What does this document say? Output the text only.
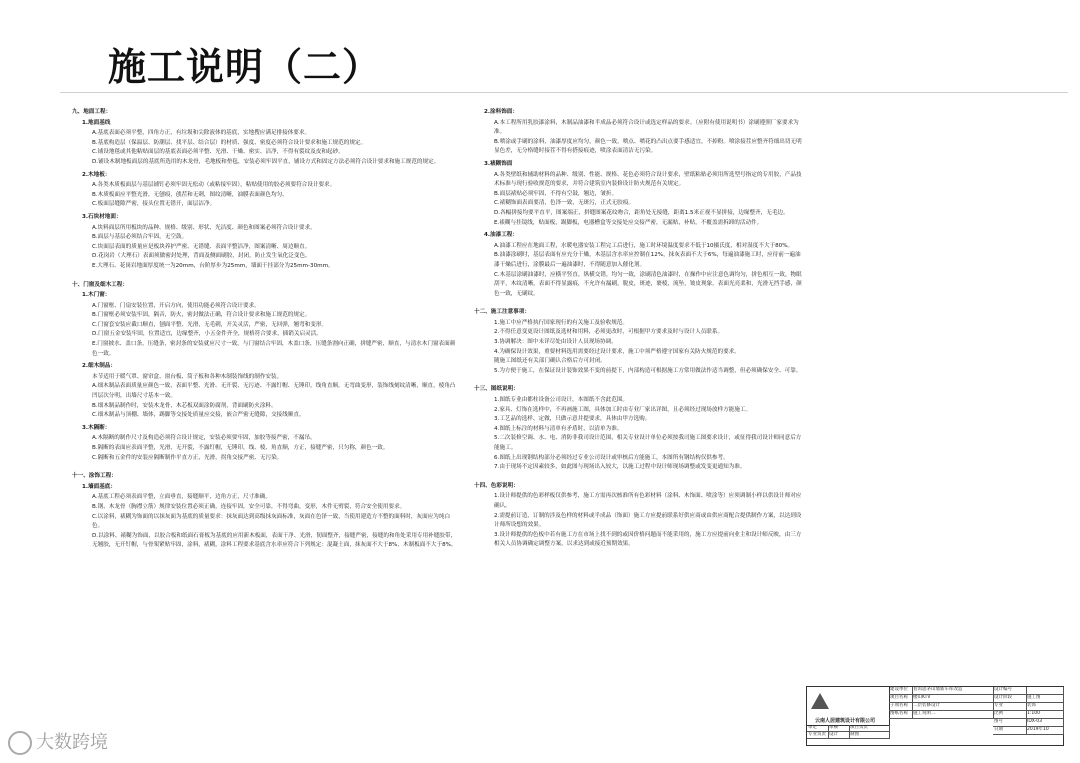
施工说明（二）
九、地面工程：
1.地面基线
A.基底表面必须平整，四角方正，有垃圾和尖除液体的基底，实地搜应满足排接体要求。
B.基底构造层（保温层、防潮层、找平层、结合层）的材质、强度、密度必须符合设计要求和施工规范的规定。
C.铺设地毯或其他粘贴面层的基底表面必须平整、光滑、干燥、密实、洁净，不得有裂纹及皮和起砂。
D.铺设木制地板面层的基底所选用的木龙骨，毛地板和垫毡，安装必须牢固平直，铺设方式和固定方法必须符合设计要求和施工规范的规定。
2.木地板：
A.各类木质板面层与基层铺钉必须牢固无松动（或粘接牢固），粘贴使用的胶必须要符合设计要求。
B.木质板面应平整光滑，无刨痕，戗茬和无刺，图纹清晰，油膜表面颜色均匀。
C.板面层缝隙严密，接头位置无错开，面层洁净。
3.石块材地面：
A.块料面层所用板块的品种、规格、级别、形状、光洁度、颜色和图案必须符合设计要求。
B.面层与基层必须结合牢固，无空鼓。
C.块面层表面的质量应是板块养护严密、无错缝、表面平整洁净，图案清晰、周边顺直。
D.花岗岩（大理石）表面须做密封处理，背面及侧面刷胶，封闭，防止发生氧化泛变色。
E.大理石、花岗岩地面厚度统一为20mm，台阶厚步为25mm，墙面干挂部分为25mm-30mm。
十、门窗及细木工程：
1.木门窗：
A.门窗框、门扇安装位置，开启方向，使用功能必须符合设计要求。
B.门窗框必须安装牢固，隔音，防火，密封做法正确，符合设计要求和施工规范的规定。
C.门窗套安装应截口顺直，刨面平整、光滑，无毛刺，开关灵活，严密，无回弹，翘弯和变形。
D.门窗五金安装牢固，位置适宜，边缘整齐，小五金件齐全，规格符合要求，插销关启灵活。
E.门窗披水、盖口条，压缝条，密封条的安装就应尺寸一致，与门窗结合牢固，木盖口条，压缝条割向正确，拼缝严密，顺直，与清水木门窗表面颜色一致。
2.细木制品：
本节适用于暖气罩、窗帘盒、窗台板、筒子板和各种木制装饰线的制作安装。
A.细木制品表面质量应颜色一致，表面平整、光滑、无开裂、无污迹、不露钉帽、无锤印，线角直顺，无弯曲变形，装饰线刻纹清晰，顺直，棱角凸凹层次分明，出墙尺寸基本一致。
B.细木制品制作时，安装木龙骨，木芯板双面涂防腐剂，背面刷防火涂料。
C.细木制品与顶棚、墙体，踢脚等交接处质量应交接，嵌合严密无缝隙，交接线顺直。
3.木隔断：
A.木隔断的制作尺寸及构造必须符合设计规定，安装必须要牢固，加胶等接严密，不漏吊。
B.隔断的表面应表面平整，光滑，无开裂，不露钉帽，无锤印，线、棱、角直顺，方正，接缝严密，只匀称，颜色一致。
C.隔断和五金件的安装应隔断制作平直方正，光滑，拐角交接严密、无污染。
十一、涂饰工程：
1.墙面基底：
A.基底工程必须表面平整，立面垂直，接缝顺平，边角方正，尺寸准确。
B.钢、木龙骨（胸襟立筋）规律安装位置必须正确，连接牢固，安全可靠，不得弯曲，变形，木件无劈裂，符合安全使用要求。
C.以涂料，裱糊为饰面的以抹灰面为基底的质量要求：抹灰面达到高级抹灰面标准，灰面在色泽一致，当使用建造方不整的面料时，灰面应为纯白色。
D.以涂料、裱糊为饰面，以胶合板和纸面石膏板为基底的应用新木板面，表面干净、光滑，韧面整齐，接缝严密，接缝的和角处采用专用补缝胶带，无翘胶，无开钉帽，与骨架紧贴牢固，涂料，裱糊，涂料工程要求基底含水率应符合下列规定：混凝土面，抹灰面不大于8%，木制板面不大于8%。
2.涂料饰面：
A.本工程所用乳胶漆涂料，木制品油漆和半成品必须符合设计或选定样品的要求。（应附有使用说明书）涂刷遵照厂家要求为准。
B.喷涂或手刷的涂料，油漆厚度应均匀，颜色一致，喷点、喷花的凸出点要手感适宜，不掉粉。喷涂接茬应整齐符细出切无明显色差，无分格缝时接茬不得有搭接痕迹，喷涂表面清洁无污染。
3.裱糊饰面
A.各类壁纸和辅助材料的品种、级别、性能、规格、花色必须符合设计要求，壁纸粘贴必须用所选型号指定的专用胶，产品技术标准与现行验收规范的要求，并符合建筑室内装修设计防火规范有关规定。
B.面层裱贴必须牢固，不得有空鼓，翘边，皱折。
C.裱糊饰面表面要清，色泽一致，无斑污，正式无胶痕。
D.各幅拼接均要平直平，图案端正，拼缝图案花纹吻合，距角处无接缝，距离1.5米正视不显拼接，边缘整齐，无毛边。
E.裱糊与挂镜线，贴面板，踢脚板，电器槽盒等交接处应交接严密，无漏贴，补贴，不覆盖需拆卸的活动件。
4.油漆工程：
A.油漆工程应在地面工程，水暖电器安装工程完工后进行，施工时环境温度要求不低于10摄氏度，相对湿度不大于80%。
B.油漆涂刷时，基层表面有应充分干燥，木基层含水率应控制在12%，抹灰表面不大于6%，每遍油漆施工时，应待前一遍油漆干燥后进行，涂膜最后一遍油漆时，不得随意加入催化剂。
C.木基层涂刷油漆时，应横平竖直，纵横交错，均匀一致，涂刷清色油漆时，在操作中应注意色调均匀，拼色相互一致，物眼刮平，木纹清晰，表面不得显露痕，不允许有漏刷，脱皮，斑迹，裹棱，流坠，皱皮现象，表面光亮柔和，光滑无挡手感，颜色一致，无刷纹。
十二、施工注意事项：
1.施工中应严格执行国家现行的有关施工及验收规范。
2.不得任意变更设计图纸及选材和用料，必须更改时，可根据甲方要求及时与设计人员联系。
3.协调解决：图中未详尽处由设计人员现场协调。
4.为确保设计效果，重要材料选用需要经过设计要求，施工中须严格遵守国家有关防火规范的要求。
随施工图纸还有关部门确认合格后方可封闭。
5.为方便于施工，在保证设计装饰效果不变的前提下，内部构造可根据施工方常用做法作适当调整，但必须确保安全、可靠。
十三、图纸说明：
1.图纸专业由都柱设备公司设计，本图纸不含此范围。
2.家具、灯饰在选样中，不再画施工图，具体加工时由专业厂家出详图，且必须经过现场放样方能施工。
3.工艺品的选样、定做，只做示意并提要求，具体由甲方选购。
4.图纸上标注的材料与清单有矛盾时，以清单为准。
5.二次装修空调、水、电、消防非我司设计范围，相关专业设计单位必须按我司施工图要求设计，或征得我司设计师同意后方能施工。
6.图纸上出现钢结构部分必须经过专业公司设计或审核后方能施工，本图所有钢结构仅供参考。
7.由于现场不定因素较多，如此图与现场出入较大，以施工过程中设计师现场调整或发变更通知为准。
十四、色彩说明：
1.设计师提供的色彩样板仅供参考，施工方需再次核准所有色彩材料（涂料、木饰面、喷涂等）应须调制小样以供设计师对应确认。
2.需提前订造，订制的涉及色样的材料或半成品（饰面）施工方应提前联系好供应商或由供应商配合提供制作方案，以达到设计师所设想的效果。
3.设计师提供的色板中若有施工方在市场上找不到的或因价格问题而不能采用的，施工方应提前向业主和设计师反映，由三方相关人员协调确定调整方案，以求达到或接近预期效果。
云南人居建筑设计有限公司
审定	审核	项目负责
专业负责 设计	制图
建设单位	普洱思茅山墙新车库改造
项目名称	楼山KTV
子项名称	二层装修设计
图纸名称	施工说明二
设计编号
设计阶段	施工图
专业	装饰
比例	1:100
图号	IDX-03
日期	2019年10
大数跨境
